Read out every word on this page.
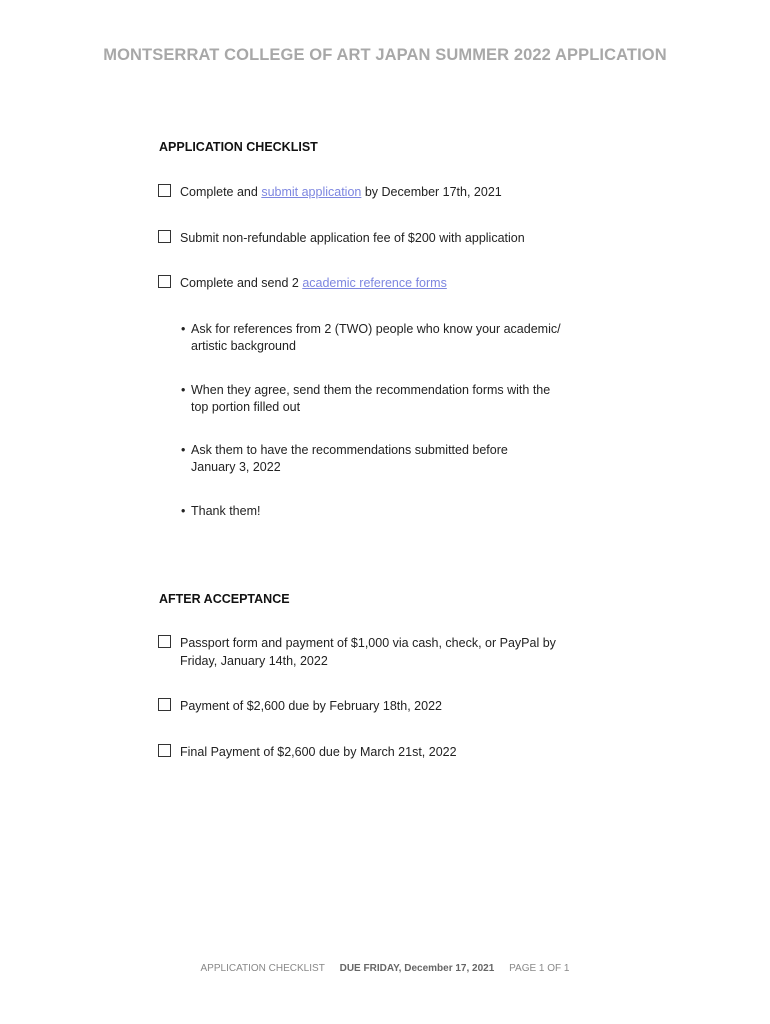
MONTSERRAT COLLEGE OF ART JAPAN SUMMER 2022 APPLICATION
APPLICATION CHECKLIST
Complete and submit application by December 17th, 2021
Submit non-refundable application fee of $200 with application
Complete and send 2 academic reference forms
• Ask for references from 2 (TWO) people who know your academic/
artistic background
• When they agree, send them the recommendation forms with the
top portion filled out
• Ask them to have the recommendations submitted before
January 3, 2022
• Thank them!
AFTER ACCEPTANCE
Passport form and payment of $1,000 via cash, check, or PayPal by
Friday, January 14th, 2022
Payment of $2,600 due by February 18th, 2022
Final Payment of $2,600 due by March 21st, 2022
APPLICATION CHECKLIST DUE FRIDAY, December 17, 2021 PAGE 1 OF 1
